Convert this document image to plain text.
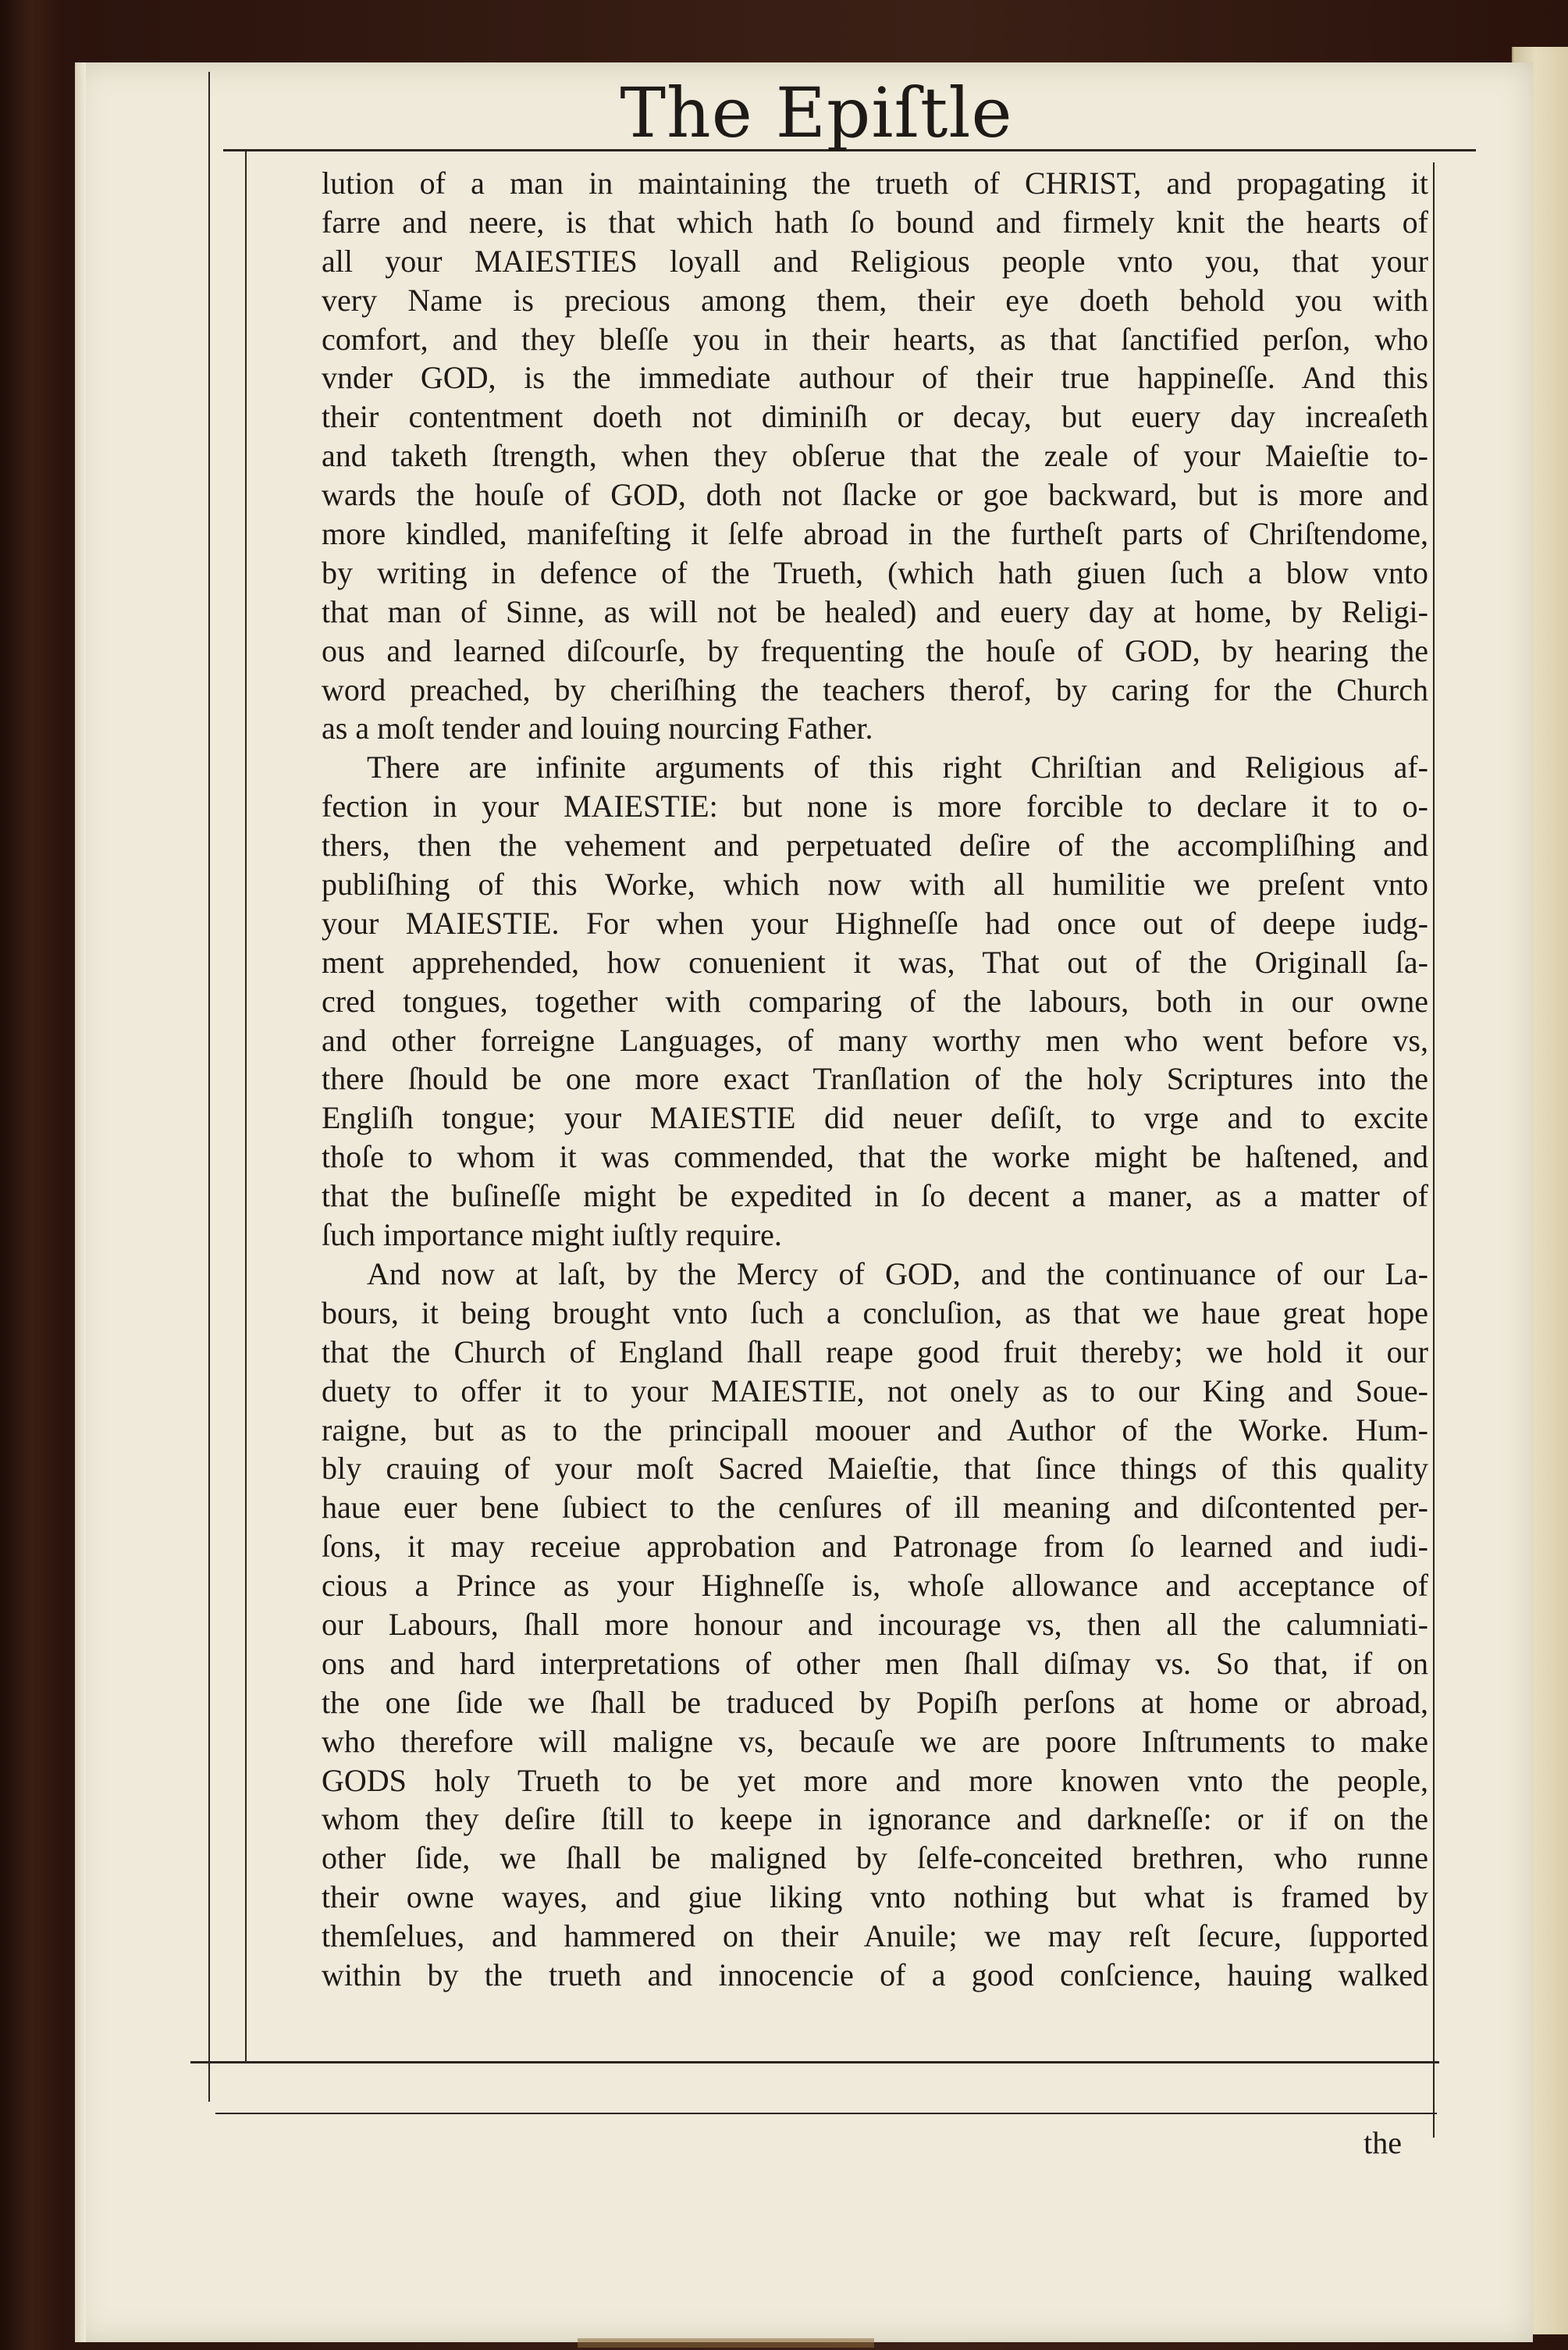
The Epiſtle
lution of a man in maintaining the trueth of CHRIST, and propagating it
farre and neere, is that which hath ſo bound and firmely knit the hearts of
all your MAIESTIES loyall and Religious people vnto you, that your
very Name is precious among them, their eye doeth behold you with
comfort, and they bleſſe you in their hearts, as that ſanctified perſon, who
vnder GOD, is the immediate authour of their true happineſſe. And this
their contentment doeth not diminiſh or decay, but euery day increaſeth
and taketh ſtrength, when they obſerue that the zeale of your Maieſtie to-
wards the houſe of GOD, doth not ſlacke or goe backward, but is more and
more kindled, manifeſting it ſelfe abroad in the furtheſt parts of Chriſtendome,
by writing in defence of the Trueth, (which hath giuen ſuch a blow vnto
that man of Sinne, as will not be healed) and euery day at home, by Religi-
ous and learned diſcourſe, by frequenting the houſe of GOD, by hearing the
word preached, by cheriſhing the teachers therof, by caring for the Church
as a moſt tender and louing nourcing Father.
There are infinite arguments of this right Chriſtian and Religious af-
fection in your MAIESTIE: but none is more forcible to declare it to o-
thers, then the vehement and perpetuated deſire of the accompliſhing and
publiſhing of this Worke, which now with all humilitie we preſent vnto
your MAIESTIE. For when your Highneſſe had once out of deepe iudg-
ment apprehended, how conuenient it was, That out of the Originall ſa-
cred tongues, together with comparing of the labours, both in our owne
and other forreigne Languages, of many worthy men who went before vs,
there ſhould be one more exact Tranſlation of the holy Scriptures into the
Engliſh tongue; your MAIESTIE did neuer deſiſt, to vrge and to excite
thoſe to whom it was commended, that the worke might be haſtened, and
that the buſineſſe might be expedited in ſo decent a maner, as a matter of
ſuch importance might iuſtly require.
And now at laſt, by the Mercy of GOD, and the continuance of our La-
bours, it being brought vnto ſuch a concluſion, as that we haue great hope
that the Church of England ſhall reape good fruit thereby; we hold it our
duety to offer it to your MAIESTIE, not onely as to our King and Soue-
raigne, but as to the principall moouer and Author of the Worke. Hum-
bly crauing of your moſt Sacred Maieſtie, that ſince things of this quality
haue euer bene ſubiect to the cenſures of ill meaning and diſcontented per-
ſons, it may receiue approbation and Patronage from ſo learned and iudi-
cious a Prince as your Highneſſe is, whoſe allowance and acceptance of
our Labours, ſhall more honour and incourage vs, then all the calumniati-
ons and hard interpretations of other men ſhall diſmay vs. So that, if on
the one ſide we ſhall be traduced by Popiſh perſons at home or abroad,
who therefore will maligne vs, becauſe we are poore Inſtruments to make
GODS holy Trueth to be yet more and more knowen vnto the people,
whom they deſire ſtill to keepe in ignorance and darkneſſe: or if on the
other ſide, we ſhall be maligned by ſelfe-conceited brethren, who runne
their owne wayes, and giue liking vnto nothing but what is framed by
themſelues, and hammered on their Anuile; we may reſt ſecure, ſupported
within by the trueth and innocencie of a good conſcience, hauing walked
the
